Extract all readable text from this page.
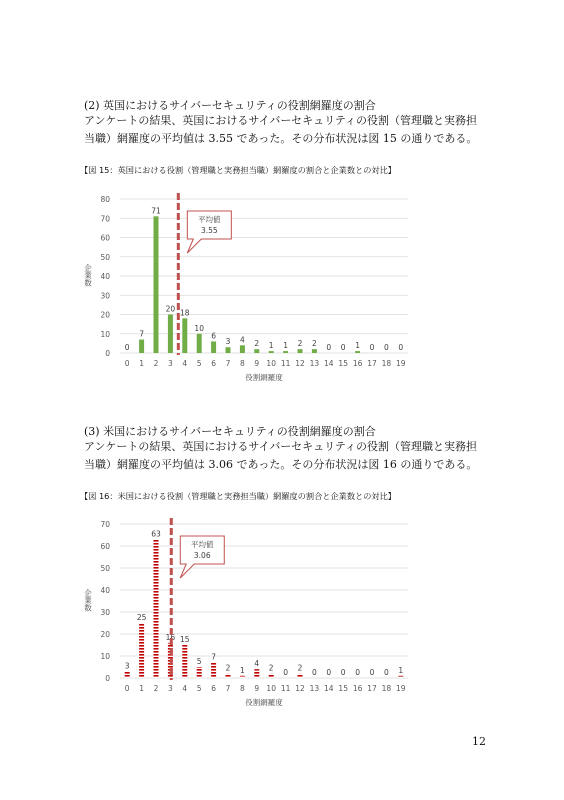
(2) 英国におけるサイバーセキュリティの役割網羅度の割合
アンケートの結果、英国におけるサイバーセキュリティの役割（管理職と実務担当職）網羅度の平均値は 3.55 であった。その分布状況は図 15 の通りである。
【図 15：英国における役割（管理職と実務担当職）網羅度の割合と企業数との対比】
0
10
20
30
40
50
60
70
80
企業数
0
0
7
1
71
2
20
3
18
4
10
5
6
6
3
7
4
8
2
9
1
10
1
11
2
12
2
13
0
14
0
15
1
16
0
17
0
18
0
19
役割網羅度
平均値
3.55
(3) 米国におけるサイバーセキュリティの役割網羅度の割合
アンケートの結果、英国におけるサイバーセキュリティの役割（管理職と実務担当職）網羅度の平均値は 3.06 であった。その分布状況は図 16 の通りである。
【図 16：米国における役割（管理職と実務担当職）網羅度の割合と企業数との対比】
0
10
20
30
40
50
60
70
企業数
3
0
25
1
63
2
16
3
15
4
5
5
7
6
2
7
1
8
4
9
2
10
0
11
2
12
0
13
0
14
0
15
0
16
0
17
0
18
1
19
役割網羅度
平均値
3.06
12
